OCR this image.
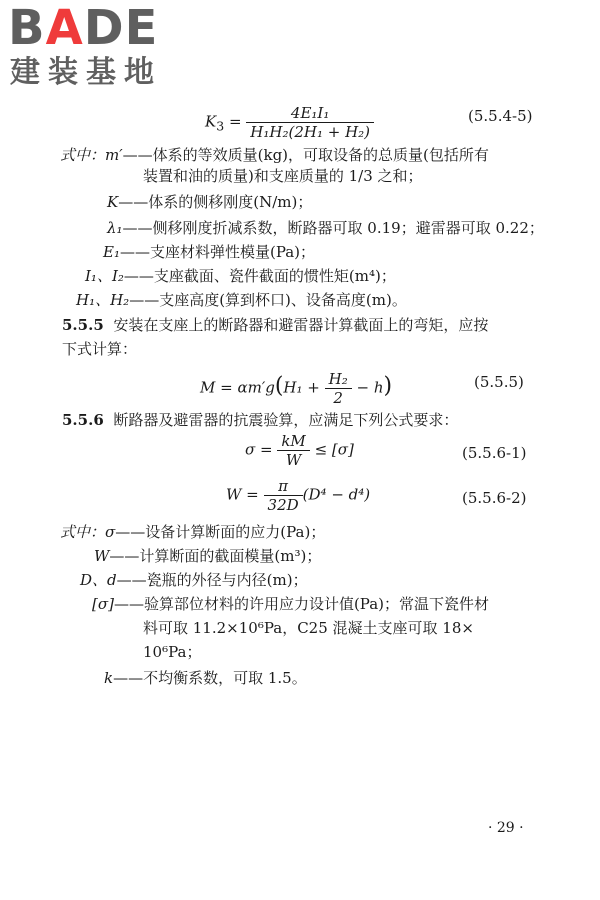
BADE
建装基地
$K_3 = \frac{\text{4E₁I₁}}{\text{H₁H₂(2H₁ + H₂)}}$	(5.5.4-5)
式中：m′——体系的等效质量(kg)，可取设备的总质量(包括所有
装置和油的质量)和支座质量的 1/3 之和；
K——体系的侧移刚度(N/m)；
λ₁——侧移刚度折减系数，断路器可取 0.19；避雷器可取 0.22；
E₁——支座材料弹性模量(Pa)；
I₁、I₂——支座截面、瓷件截面的惯性矩(m⁴)；
H₁、H₂——支座高度(算到杯口)、设备高度(m)。
5.5.5 安装在支座上的断路器和避雷器计算截面上的弯矩，应按
下式计算：
$M = \alpha m'g(H_1 + \frac{\text{H₂}}{2} - h)$	(5.5.5)
5.5.6 断路器及避雷器的抗震验算，应满足下列公式要求：
$\sigma = \frac{kM}{W} \le [\sigma]$	(5.5.6-1)
$W = \frac{\pi}{32D} (D^4 - d^4)$	(5.5.6-2)
式中：σ——设备计算断面的应力(Pa)；
W——计算断面的截面模量(m³)；
D、d——瓷瓶的外径与内径(m)；
[σ]——验算部位材料的许用应力设计值(Pa)；常温下瓷件材
料可取 11.2×10⁶Pa，C25 混凝土支座可取 18×
10⁶Pa；
k——不均衡系数，可取 1.5。
· 29 ·
